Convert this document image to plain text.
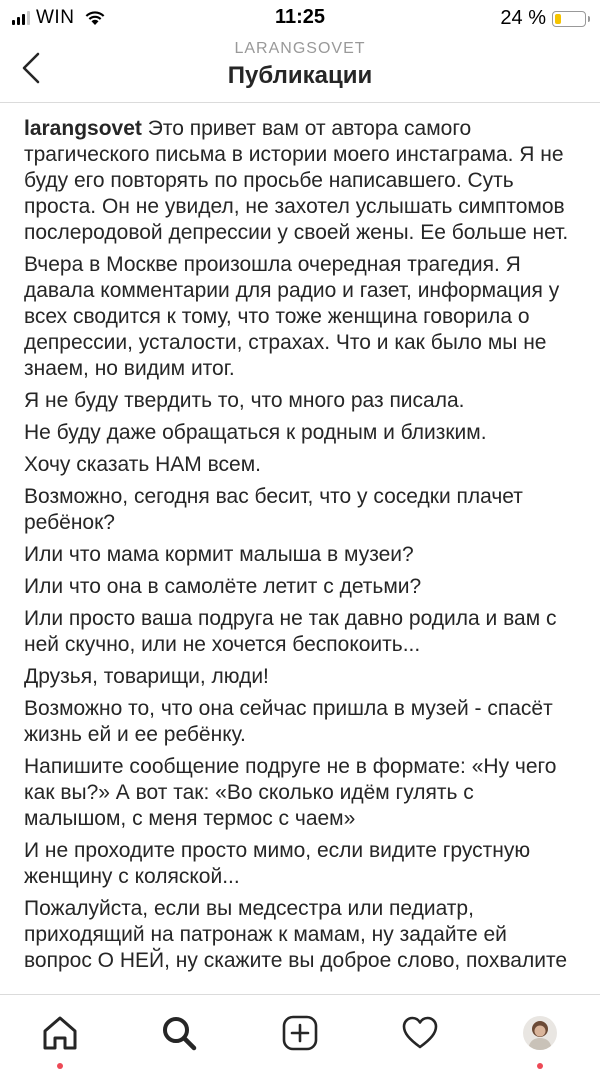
WIN	11:25	24 %
LARANGSOVET
Публикации

larangsovet Это привет вам от автора самого трагического письма в истории моего инстаграма. Я не буду его повторять по просьбе написавшего. Суть проста. Он не увидел, не захотел услышать симптомов послеродовой депрессии у своей жены. Ее больше нет.

Вчера в Москве произошла очередная трагедия. Я давала комментарии для радио и газет, информация у всех сводится к тому, что тоже женщина говорила о депрессии, усталости, страхах. Что и как было мы не знаем, но видим итог.

Я не буду твердить то, что много раз писала.

Не буду даже обращаться к родным и близким.

Хочу сказать НАМ всем.

Возможно, сегодня вас бесит, что у соседки плачет ребёнок?

Или что мама кормит малыша в музеи?

Или что она в самолёте летит с детьми?

Или просто ваша подруга не так давно родила и вам с ней скучно, или не хочется беспокоить...

Друзья, товарищи, люди!

Возможно то, что она сейчас пришла в музей - спасёт жизнь ей и ее ребёнку.

Напишите сообщение подруге не в формате: «Ну чего как вы?» А вот так: «Во сколько идём гулять с малышом, с меня термос с чаем»

И не проходите просто мимо, если видите грустную женщину с коляской...

Пожалуйста, если вы медсестра или педиатр, приходящий на патронаж к мамам, ну задайте ей вопрос О НЕЙ, ну скажите вы доброе слово, похвалите
